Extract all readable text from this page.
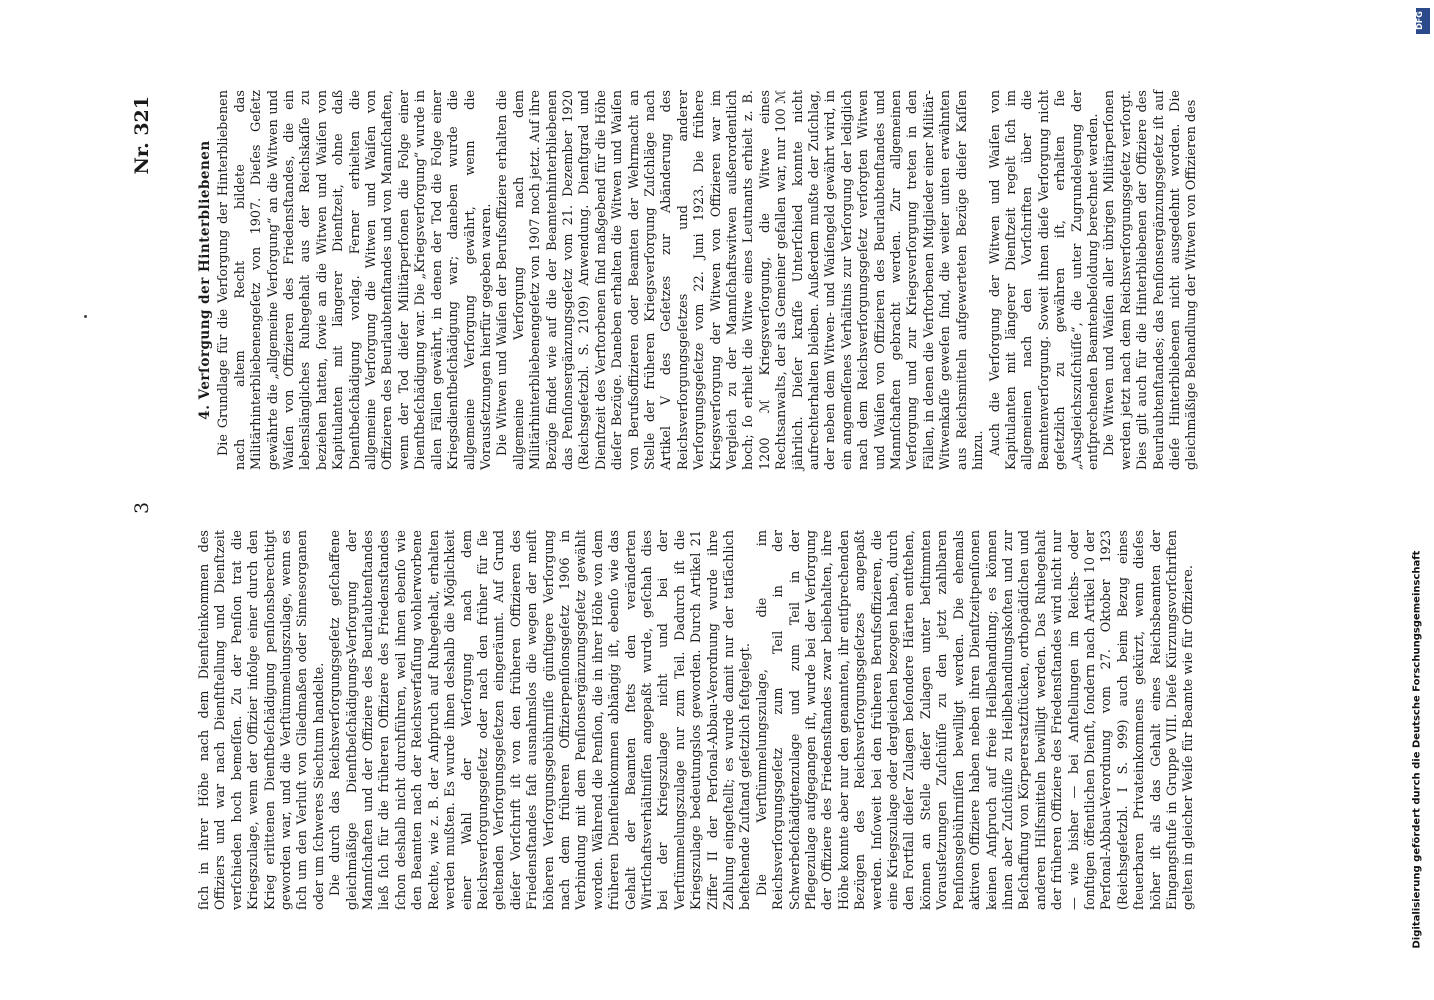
3
Nr. 321

ſich in ihrer Höhe nach dem Dienſteinkommen des Offiziers und war nach Dienſtſtellung und Dienſtzeit verſchieden hoch bemeſſen. Zu der Penſion trat die Kriegszulage, wenn der Offizier infolge einer durch den Krieg erlittenen Dienſtbeſchädigung penſionsberechtigt geworden war, und die Verſtümmelungszulage, wenn es ſich um den Verluſt von Gliedmaßen oder Sinnesorganen oder um ſchweres Siechtum handelte. Die durch das Reichsverſorgungsgeſetz geſchaffene gleichmäßige Dienſtbeſchädigungs-Verſorgung der Mannſchaften und der Offiziere des Beurlaubtenſtandes ließ ſich für die früheren Offiziere des Friedensſtandes ſchon deshalb nicht durchführen, weil ihnen ebenſo wie den Beamten nach der Reichsverfaſſung wohlerworbene Rechte, wie z. B. der Anſpruch auf Ruhegehalt, erhalten werden mußten. Es wurde ihnen deshalb die Möglichkeit einer Wahl der Verſorgung nach dem Reichsverſorgungsgeſetz oder nach den früher für ſie geltenden Verſorgungsgeſetzen eingeräumt. Auf Grund dieſer Vorſchrift iſt von den früheren Offizieren des Friedensſtandes faſt ausnahmslos die wegen der meiſt höheren Verſorgungsgebührniſſe günſtigere Verſorgung nach dem früheren Offizierpenſionsgeſetz 1906 in Verbindung mit dem Penſionsergänzungsgeſetz gewählt worden. Während die Penſion, die in ihrer Höhe von dem früheren Dienſteinkommen abhängig iſt, ebenſo wie das Gehalt der Beamten ſtets den veränderten Wirtſchaftsverhältniſſen angepaßt wurde, geſchah dies bei der Kriegszulage nicht und bei der Verſtümmelungszulage nur zum Teil. Dadurch iſt die Kriegszulage bedeutungslos geworden. Durch Artikel 21 Ziffer II der Perſonal-Abbau-Verordnung wurde ihre Zahlung eingeſtellt; es wurde damit nur der tatſächlich beſtehende Zuſtand geſetzlich feſtgelegt. Die Verſtümmelungszulage, die im Reichsverſorgungsgeſetz zum Teil in der Schwerbeſchädigtenzulage und zum Teil in der Pflegezulage aufgegangen iſt, wurde bei der Verſorgung der Offiziere des Friedensſtandes zwar beibehalten, ihre Höhe konnte aber nur den genannten, ihr entſprechenden Bezügen des Reichsverſorgungsgeſetzes angepaßt werden. Inſoweit bei den früheren Berufsoffizieren, die eine Kriegszulage oder dergleichen bezogen haben, durch den Fortfall dieſer Zulagen beſondere Härten entſtehen, können an Stelle dieſer Zulagen unter beſtimmten Vorausſetzungen Zuſchüſſe zu den jetzt zahlbaren Penſionsgebührniſſen bewilligt werden. Die ehemals aktiven Offiziere haben neben ihren Dienſtzeitpenſionen keinen Anſpruch auf freie Heilbehandlung; es können ihnen aber Zuſchüſſe zu Heilbehandlungskoſten und zur Beſchaffung von Körperersatzſtücken, orthopädiſchen und anderen Hilfsmitteln bewilligt werden. Das Ruhegehalt der früheren Offiziere des Friedensſtandes wird nicht nur — wie bisher — bei Anſtellungen im Reichs- oder ſonſtigen öffentlichen Dienſt, ſondern nach Artikel 10 der Perſonal-Abbau-Verordnung vom 27. Oktober 1923 (Reichsgeſetzbl. I S. 999) auch beim Bezug eines ſteuerbaren Privateinkommens gekürzt, wenn dieſes höher iſt als das Gehalt eines Reichsbeamten der Eingangsſtufe in Gruppe VIII. Dieſe Kürzungsvorſchriften gelten in gleicher Weiſe für Beamte wie für Offiziere.

4. Verſorgung der Hinterbliebenen Die Grundlage für die Verſorgung der Hinterbliebenen nach altem Recht bildete das Militärhinterbliebenengeſetz von 1907. Dieſes Geſetz gewährte die „allgemeine Verſorgung“ an die Witwen und Waiſen von Offizieren des Friedensſtandes, die ein lebenslängliches Ruhegehalt aus der Reichskaſſe zu beziehen hatten, ſowie an die Witwen und Waiſen von Kapitulanten mit längerer Dienſtzeit, ohne daß Dienſtbeſchädigung vorlag. Ferner erhielten die allgemeine Verſorgung die Witwen und Waiſen von Offizieren des Beurlaubtenſtandes und von Mannſchaften, wenn der Tod dieſer Militärperſonen die Folge einer Dienſtbeſchädigung war. Die „Kriegsverſorgung“ wurde in allen Fällen gewährt, in denen der Tod die Folge einer Kriegsdienſtbeſchädigung war; daneben wurde die allgemeine Verſorgung gewährt, wenn die Vorausſetzungen hierfür gegeben waren. Die Witwen und Waiſen der Berufsoffiziere erhalten die allgemeine Verſorgung nach dem Militärhinterbliebenengeſetz von 1907 noch jetzt. Auf ihre Bezüge findet wie auf die der Beamtenhinterbliebenen das Penſionsergänzungsgeſetz vom 21. Dezember 1920 (Reichsgeſetzbl. S. 2109) Anwendung. Dienſtgrad und Dienſtzeit des Verſtorbenen ſind maßgebend für die Höhe dieſer Bezüge. Daneben erhalten die Witwen und Waiſen von Berufsoffizieren oder Beamten der Wehrmacht an Stelle der früheren Kriegsverſorgung Zuſchläge nach Artikel V des Geſetzes zur Abänderung des Reichsverſorgungsgeſetzes und anderer Verſorgungsgeſetze vom 22. Juni 1923. Die frühere Kriegsverſorgung der Witwen von Offizieren war im Vergleich zu der Mannſchaftswitwen außerordentlich hoch; ſo erhielt die Witwe eines Leutnants erhielt z. B. 1200 ℳ Kriegsverſorgung, die Witwe eines Rechtsanwalts, der als Gemeiner gefallen war, nur 100 ℳ jährlich. Dieſer kraſſe Unterſchied konnte nicht aufrechterhalten bleiben. Außerdem mußte der Zuſchlag, der neben dem Witwen- und Waiſengeld gewährt wird, in ein angemeſſenes Verhältnis zur Verſorgung der lediglich nach dem Reichsverſorgungsgeſetz verſorgten Witwen und Waiſen von Offizieren des Beurlaubtenſtandes und Mannſchaften gebracht werden. Zur allgemeinen Verſorgung und zur Kriegsverſorgung treten in den Fällen, in denen die Verſtorbenen Mitglieder einer Militär-Witwenkaſſe geweſen ſind, die weiter unten erwähnten aus Reichsmitteln aufgewerteten Bezüge dieſer Kaſſen hinzu. Auch die Verſorgung der Witwen und Waiſen von Kapitulanten mit längerer Dienſtzeit regelt ſich im allgemeinen nach den Vorſchriften über die Beamtenverſorgung. Soweit ihnen dieſe Verſorgung nicht geſetzlich zu gewähren iſt, erhalten ſie „Ausgleichszuſchüſſe“, die unter Zugrundelegung der entſprechenden Beamtenbeſoldung berechnet werden. Die Witwen und Waiſen aller übrigen Militärperſonen werden jetzt nach dem Reichsverſorgungsgeſetz verſorgt. Dies gilt auch für die Hinterbliebenen der Offiziere des Beurlaubtenſtandes; das Penſionsergänzungsgeſetz iſt auf dieſe Hinterbliebenen nicht ausgedehnt worden. Die gleichmäßige Behandlung der Witwen von Offizieren des

Digitalisierung gefördert durch die Deutsche Forschungsgemeinschaft
DFG
